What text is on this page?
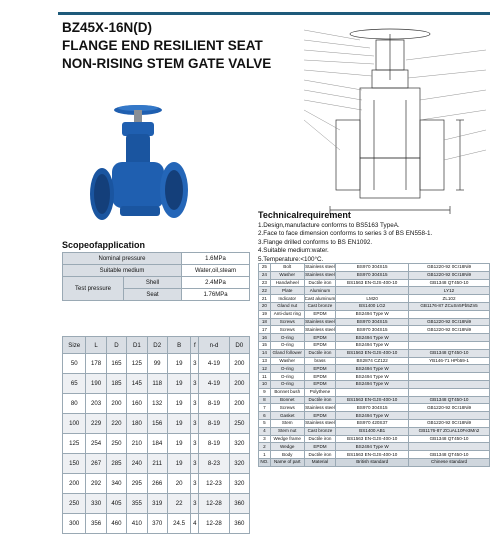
BZ45X-16N(D)
FLANGE END RESILIENT SEAT
NON-RISING STEM GATE VALVE
Scopeofapplication
Nominal pressure		1.6MPa
Suitable medium		Water,oil,steam
Test pressure	Shell	2.4MPa
	Seat	1.76MPa
Size	L	D	D1	D2	B	f	n-d	D0
50	178	165	125	99	19	3	4-19	200
65	190	185	145	118	19	3	4-19	200
80	203	200	160	132	19	3	8-19	200
100	229	220	180	156	19	3	8-19	250
125	254	250	210	184	19	3	8-19	320
150	267	285	240	211	19	3	8-23	320
200	292	340	295	266	20	3	12-23	320
250	330	405	355	319	22	3	12-28	360
300	356	460	410	370	24.5	4	12-28	360
Technicalrequirement
1.Design,manufacture conforms to BS5163 TypeA.
2.Face to face dimension conforms to series 3 of BS EN558-1.
3.Flange drilled conforms to BS EN1092.
4.Suitable medium:water.
5.Temperature:<100°C.
25	Bolt	Stainless steel	BS970 304S15	GB1220-92 0Cr18Ni9
24	Washer	Stainless steel	BS970 304S15	GB1220-92 0Cr18Ni9
23	Handwheel	Ductile iron	BS1563 EN-GJS-400-10	GB1348 QT450-10
22	Plate	Aluminum		LY12
21	Indicator	Cast aluminum	LM20	ZL102
20	Gland nut	Cast bronze	BS1400 LG2	GB1176-87 ZCuSn5Pb5Zn5
19	Anti-dust ring	EPDM	BS2494 Type W	
18	Screws	Stainless steel	BS970 304S15	GB1220-92 0Cr18Ni9
17	Screws	Stainless steel	BS970 304S15	GB1220-92 0Cr18Ni9
16	O-ring	EPDM	BS2494 Type W	
15	O-ring	EPDM	BS2494 Type W	
14	Gland follower	Ductile iron	BS1563 EN-GJS-400-10	GB1348 QT450-10
13	Washer	brass	BS2874 CZ122	YB146-71 HPb59-1
12	O-ring	EPDM	BS2494 Type W	
11	O-ring	EPDM	BS2494 Type W	
10	O-ring	EPDM	BS2494 Type W	
9	Bonnet bush	Polythene		
8	Bonnet	Ductile iron	BS1563 EN-GJS-400-10	GB1348 QT450-10
7	Screws	Stainless steel	BS970 304S15	GB1220-92 0Cr18Ni9
6	Gasket	EPDM	BS2494 Type W	
5	Stem	Stainless steel	BS970 420S37	GB1220-92 0Cr18Ni9
4	Stem nut	Cast bronze	BS1400 AB1	GB1176-87 ZCuAL10Fe3Mn2
3	Wedge frame	Ductile iron	BS1563 EN-GJS-400-10	GB1348 QT450-10
2	Wedge	EPDM	BS2494 Type W	
1	Body	Ductile iron	BS1563 EN-GJS-400-10	GB1348 QT450-10
NO.	Name of part	Material	British standard	Chinese standard
